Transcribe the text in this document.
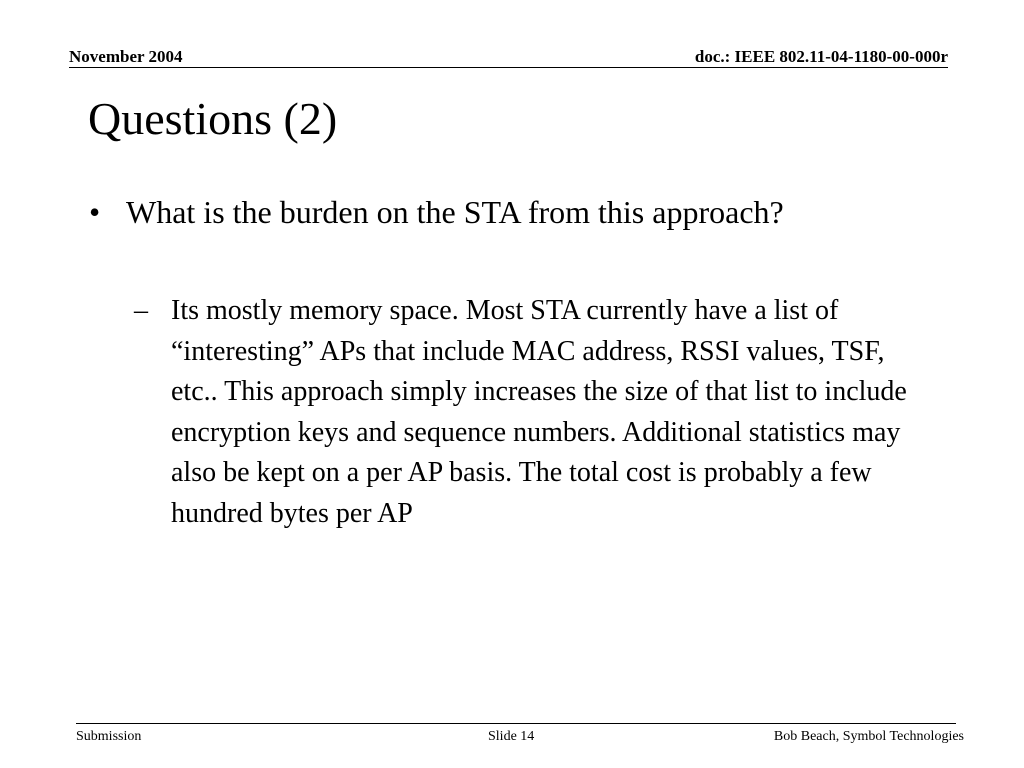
November 2004	doc.: IEEE 802.11-04-1180-00-000r
Questions (2)
• What is the burden on the STA from this approach?
– Its mostly memory space. Most STA currently have a list of “interesting” APs that include MAC address, RSSI values, TSF, etc.. This approach simply increases the size of that list to include encryption keys and sequence numbers. Additional statistics may also be kept on a per AP basis. The total cost is probably a few hundred bytes per AP
Submission	Slide 14	Bob Beach, Symbol Technologies
